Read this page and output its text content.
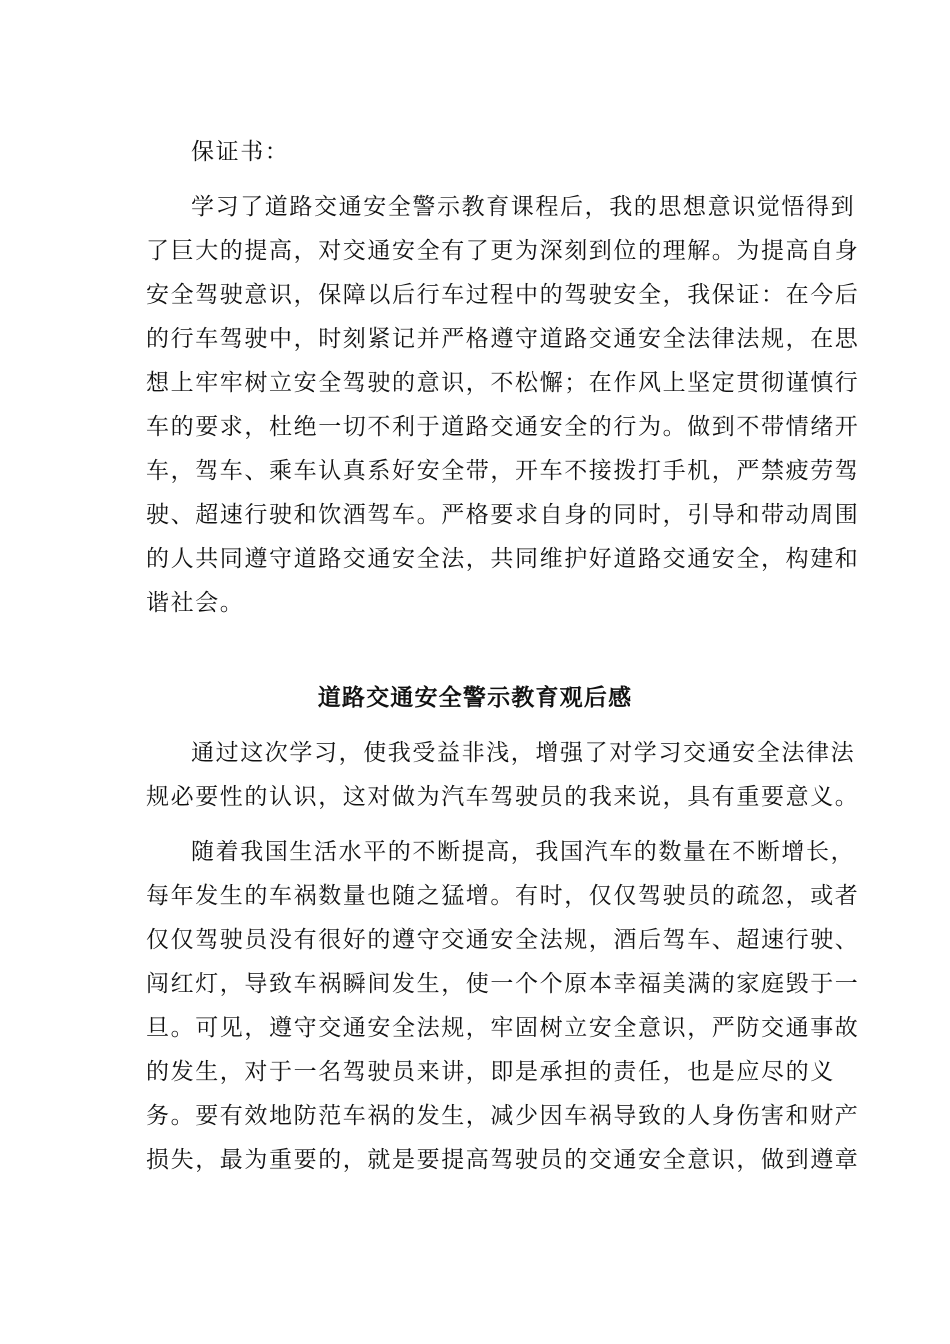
保证书：
学习了道路交通安全警示教育课程后，我的思想意识觉悟得到
了巨大的提高，对交通安全有了更为深刻到位的理解。为提高自身
安全驾驶意识，保障以后行车过程中的驾驶安全，我保证：在今后
的行车驾驶中，时刻紧记并严格遵守道路交通安全法律法规，在思
想上牢牢树立安全驾驶的意识，不松懈；在作风上坚定贯彻谨慎行
车的要求，杜绝一切不利于道路交通安全的行为。做到不带情绪开
车，驾车、乘车认真系好安全带，开车不接拨打手机，严禁疲劳驾
驶、超速行驶和饮酒驾车。严格要求自身的同时，引导和带动周围
的人共同遵守道路交通安全法，共同维护好道路交通安全，构建和
谐社会。
道路交通安全警示教育观后感
通过这次学习，使我受益非浅，增强了对学习交通安全法律法
规必要性的认识，这对做为汽车驾驶员的我来说，具有重要意义。
随着我国生活水平的不断提高，我国汽车的数量在不断增长，
每年发生的车祸数量也随之猛增。有时，仅仅驾驶员的疏忽，或者
仅仅驾驶员没有很好的遵守交通安全法规，酒后驾车、超速行驶、
闯红灯，导致车祸瞬间发生，使一个个原本幸福美满的家庭毁于一
旦。可见，遵守交通安全法规，牢固树立安全意识，严防交通事故
的发生，对于一名驾驶员来讲，即是承担的责任，也是应尽的义
务。要有效地防范车祸的发生，减少因车祸导致的人身伤害和财产
损失，最为重要的，就是要提高驾驶员的交通安全意识，做到遵章
